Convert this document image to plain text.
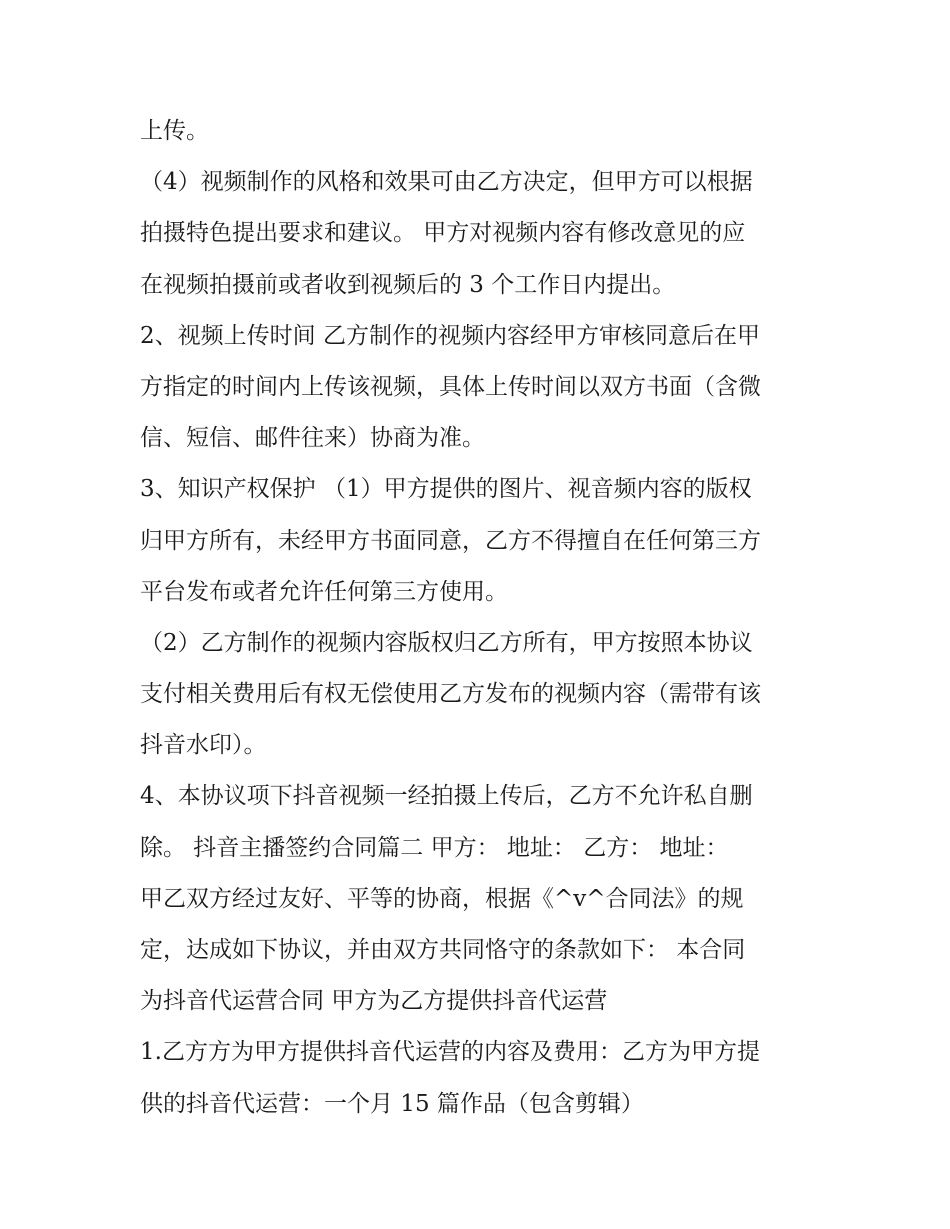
上传。
（4）视频制作的风格和效果可由乙方决定，但甲方可以根据
拍摄特色提出要求和建议。 甲方对视频内容有修改意见的应
在视频拍摄前或者收到视频后的 3 个工作日内提出。
2、视频上传时间 乙方制作的视频内容经甲方审核同意后在甲
方指定的时间内上传该视频，具体上传时间以双方书面（含微
信、短信、邮件往来）协商为准。
3、知识产权保护 （1）甲方提供的图片、视音频内容的版权
归甲方所有，未经甲方书面同意，乙方不得擅自在任何第三方
平台发布或者允许任何第三方使用。
（2）乙方制作的视频内容版权归乙方所有，甲方按照本协议
支付相关费用后有权无偿使用乙方发布的视频内容（需带有该
抖音水印）。
4、本协议项下抖音视频一经拍摄上传后，乙方不允许私自删
除。 抖音主播签约合同篇二 甲方： 地址： 乙方： 地址：
甲乙双方经过友好、平等的协商，根据《^v^合同法》的规
定，达成如下协议，并由双方共同恪守的条款如下： 本合同
为抖音代运营合同 甲方为乙方提供抖音代运营
1.乙方方为甲方提供抖音代运营的内容及费用：乙方为甲方提
供的抖音代运营：一个月 15 篇作品（包含剪辑）
